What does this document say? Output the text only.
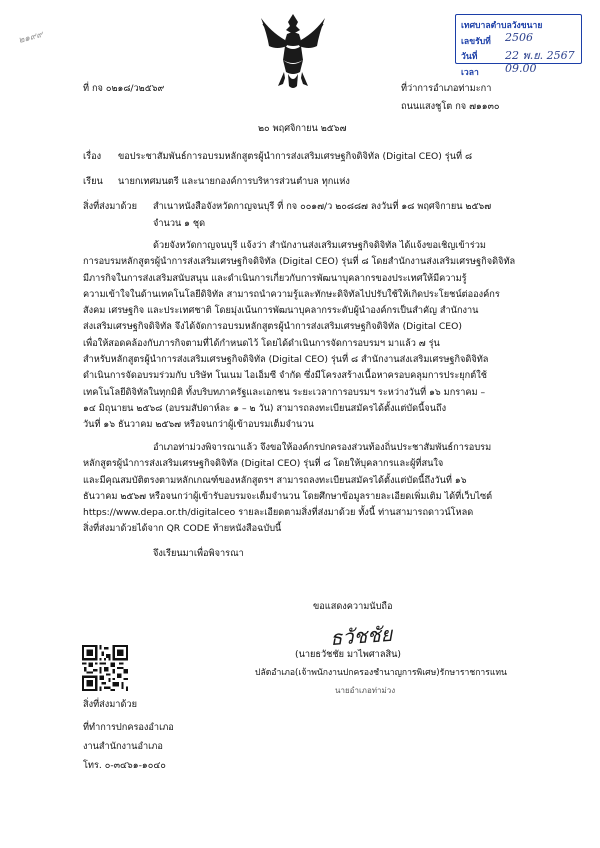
๒๑๙๙
เทศบาลตำบลวังขนาย
เลขรับที่ 2506
วันที่	22 พ.ย. 2567
เวลา 09.00
ที่ กจ ๐๒๑๘/ว๒๕๖๙	ที่ว่าการอำเภอท่ามะกา
ถนนแสงชูโต กจ ๗๑๑๓๐
๒๐ พฤศจิกายน ๒๕๖๗
เรื่อง ขอประชาสัมพันธ์การอบรมหลักสูตรผู้นำการส่งเสริมเศรษฐกิจดิจิทัล (Digital CEO) รุ่นที่ ๘
เรียน นายกเทศมนตรี และนายกองค์การบริหารส่วนตำบล ทุกแห่ง
สิ่งที่ส่งมาด้วย สำเนาหนังสือจังหวัดกาญจนบุรี ที่ กจ ๐๐๑๗/ว ๒๐๘๘๗ ลงวันที่ ๑๘ พฤศจิกายน ๒๕๖๗
จำนวน ๑ ชุด

ด้วยจังหวัดกาญจนบุรี แจ้งว่า สำนักงานส่งเสริมเศรษฐกิจดิจิทัล ได้แจ้งขอเชิญเข้าร่วม

การอบรมหลักสูตรผู้นำการส่งเสริมเศรษฐกิจดิจิทัล (Digital CEO) รุ่นที่ ๘ โดยสำนักงานส่งเสริมเศรษฐกิจดิจิทัล

มีภารกิจในการส่งเสริมสนับสนุน และดำเนินการเกี่ยวกับการพัฒนาบุคลากรของประเทศให้มีความรู้

ความเข้าใจในด้านเทคโนโลยีดิจิทัล สามารถนำความรู้และทักษะดิจิทัลไปปรับใช้ให้เกิดประโยชน์ต่อองค์กร

สังคม เศรษฐกิจ และประเทศชาติ โดยมุ่งเน้นการพัฒนาบุคลากรระดับผู้นำองค์กรเป็นสำคัญ สำนักงาน

ส่งเสริมเศรษฐกิจดิจิทัล จึงได้จัดการอบรมหลักสูตรผู้นำการส่งเสริมเศรษฐกิจดิจิทัล (Digital CEO)

เพื่อให้สอดคล้องกับภารกิจตามที่ได้กำหนดไว้ โดยได้ดำเนินการจัดการอบรมฯ มาแล้ว ๗ รุ่น

สำหรับหลักสูตรผู้นำการส่งเสริมเศรษฐกิจดิจิทัล (Digital CEO) รุ่นที่ ๘ สำนักงานส่งเสริมเศรษฐกิจดิจิทัล

ดำเนินการจัดอบรมร่วมกับ บริษัท โนเนม ไอเอ็มซี จำกัด ซึ่งมีโครงสร้างเนื้อหาครอบคลุมการประยุกต์ใช้

เทคโนโลยีดิจิทัลในทุกมิติ ทั้งบริบทภาครัฐและเอกชน ระยะเวลาการอบรมฯ ระหว่างวันที่ ๑๖ มกราคม –

๑๔ มิถุนายน ๒๕๖๘ (อบรมสัปดาห์ละ ๑ – ๒ วัน) สามารถลงทะเบียนสมัครได้ตั้งแต่บัดนี้จนถึง

วันที่ ๑๖ ธันวาคม ๒๕๖๗ หรือจนกว่าผู้เข้าอบรมเต็มจำนวน

อำเภอท่าม่วงพิจารณาแล้ว จึงขอให้องค์กรปกครองส่วนท้องถิ่นประชาสัมพันธ์การอบรม

หลักสูตรผู้นำการส่งเสริมเศรษฐกิจดิจิทัล (Digital CEO) รุ่นที่ ๘ โดยให้บุคลากรและผู้ที่สนใจ

และมีคุณสมบัติตรงตามหลักเกณฑ์ของหลักสูตรฯ สามารถลงทะเบียนสมัครได้ตั้งแต่บัดนี้ถึงวันที่ ๑๖

ธันวาคม ๒๕๖๗ หรือจนกว่าผู้เข้ารับอบรมจะเต็มจำนวน โดยศึกษาข้อมูลรายละเอียดเพิ่มเติม ได้ที่เว็บไซต์

https://www.depa.or.th/digitalceo รายละเอียดตามสิ่งที่ส่งมาด้วย ทั้งนี้ ท่านสามารถดาวน์โหลด

สิ่งที่ส่งมาด้วยได้จาก QR CODE ท้ายหนังสือฉบับนี้

จึงเรียนมาเพื่อพิจารณา
ขอแสดงความนับถือ
ธวัชชัย
(นายธวัชชัย มาไพศาลสิน)
ปลัดอำเภอ(เจ้าพนักงานปกครองชำนาญการพิเศษ)รักษาราชการแทน
นายอำเภอท่าม่วง
สิ่งที่ส่งมาด้วย
ที่ทำการปกครองอำเภอ
งานสำนักงานอำเภอ
โทร. ๐-๓๔๖๑-๑๐๔๐
